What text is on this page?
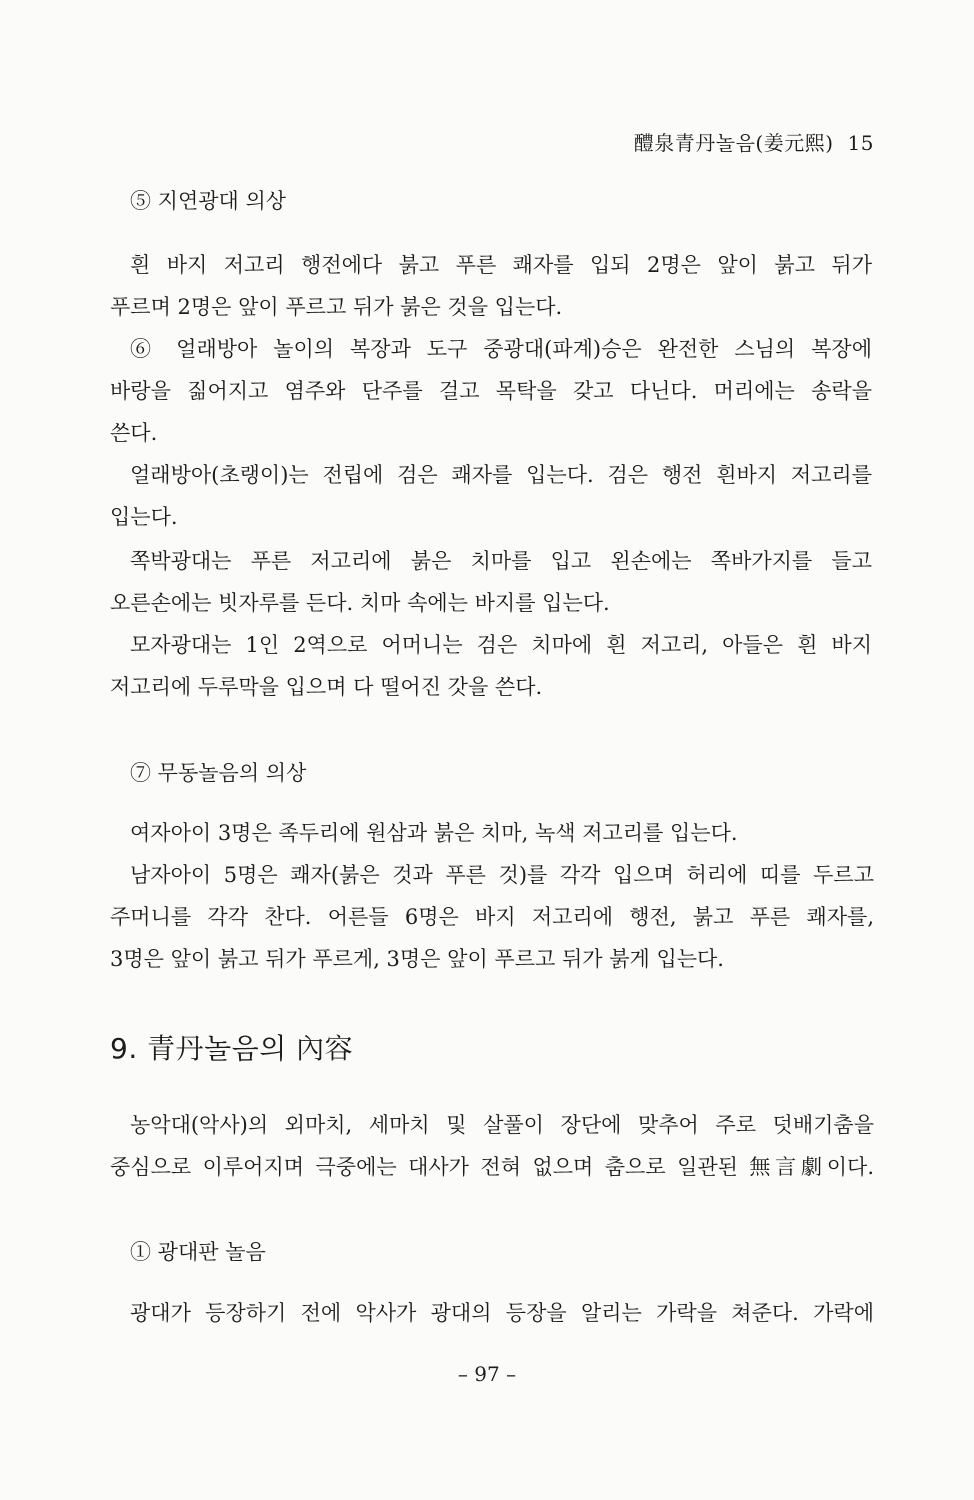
醴泉青丹놀음(姜元熙) 15
⑤ 지연광대 의상
흰 바지 저고리 행전에다 붉고 푸른 쾌자를 입되 2명은 앞이 붉고 뒤가
푸르며 2명은 앞이 푸르고 뒤가 붉은 것을 입는다.
⑥ 얼래방아 놀이의 복장과 도구 중광대(파계)승은 완전한 스님의 복장에
바랑을 짊어지고 염주와 단주를 걸고 목탁을 갖고 다닌다. 머리에는 송락을
쓴다.
얼래방아(초랭이)는 전립에 검은 쾌자를 입는다. 검은 행전 흰바지 저고리를
입는다.
쪽박광대는 푸른 저고리에 붉은 치마를 입고 왼손에는 쪽바가지를 들고
오른손에는 빗자루를 든다. 치마 속에는 바지를 입는다.
모자광대는 1인 2역으로 어머니는 검은 치마에 흰 저고리, 아들은 흰 바지
저고리에 두루막을 입으며 다 떨어진 갓을 쓴다.
⑦ 무동놀음의 의상
여자아이 3명은 족두리에 원삼과 붉은 치마, 녹색 저고리를 입는다.
남자아이 5명은 쾌자(붉은 것과 푸른 것)를 각각 입으며 허리에 띠를 두르고
주머니를 각각 찬다. 어른들 6명은 바지 저고리에 행전, 붉고 푸른 쾌자를,
3명은 앞이 붉고 뒤가 푸르게, 3명은 앞이 푸르고 뒤가 붉게 입는다.
9. 青丹놀음의 內容
농악대(악사)의 외마치, 세마치 및 살풀이 장단에 맞추어 주로 덧배기춤을
중심으로 이루어지며 극중에는 대사가 전혀 없으며 춤으로 일관된 無言劇이다.
① 광대판 놀음
광대가 등장하기 전에 악사가 광대의 등장을 알리는 가락을 쳐준다. 가락에
– 97 –
